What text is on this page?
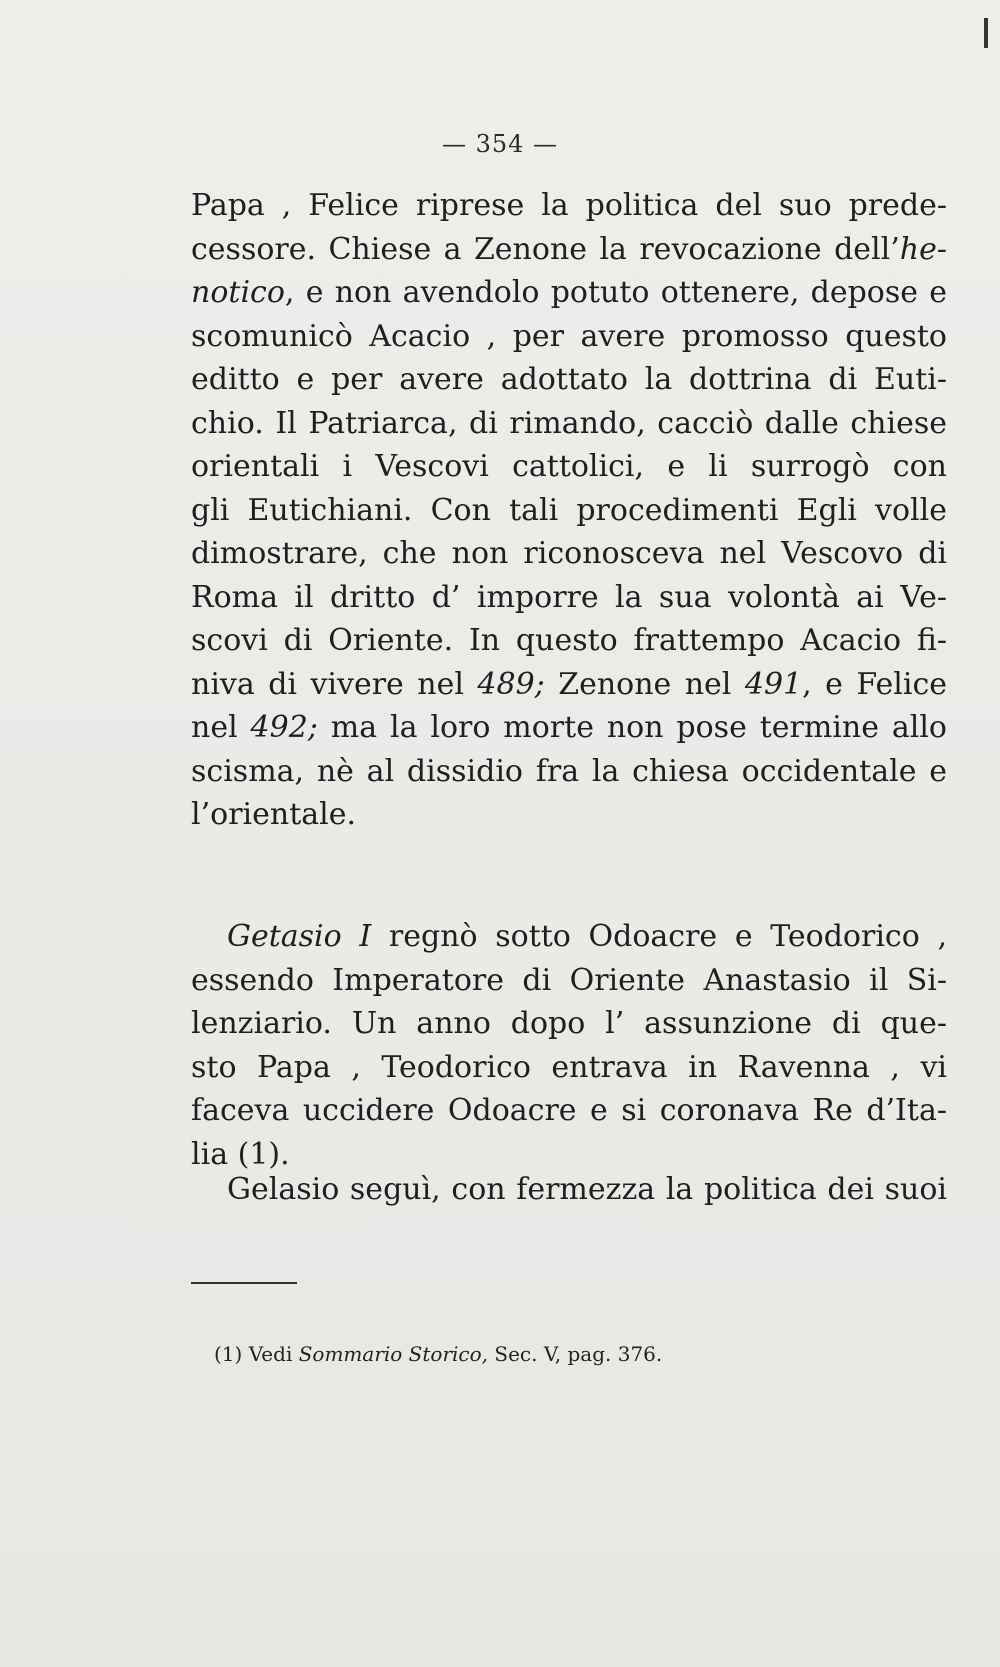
— 354 —
Papa , Felice riprese la politica del suo prede-
cessore. Chiese a Zenone la revocazione dell’he-
notico, e non avendolo potuto ottenere, depose e
scomunicò Acacio , per avere promosso questo
editto e per avere adottato la dottrina di Euti-
chio. Il Patriarca, di rimando, cacciò dalle chiese
orientali i Vescovi cattolici, e li surrogò con
gli Eutichiani. Con tali procedimenti Egli volle
dimostrare, che non riconosceva nel Vescovo di
Roma il dritto d’ imporre la sua volontà ai Ve-
scovi di Oriente. In questo frattempo Acacio fi-
niva di vivere nel 489; Zenone nel 491, e Felice
nel 492; ma la loro morte non pose termine allo
scisma, nè al dissidio fra la chiesa occidentale e
l’orientale.
Getasio I regnò sotto Odoacre e Teodorico ,
essendo Imperatore di Oriente Anastasio il Si-
lenziario. Un anno dopo l’ assunzione di que-
sto Papa , Teodorico entrava in Ravenna , vi
faceva uccidere Odoacre e si coronava Re d’Ita-
lia (1).
Gelasio seguì, con fermezza la politica dei suoi
(1) Vedi Sommario Storico, Sec. V, pag. 376.
